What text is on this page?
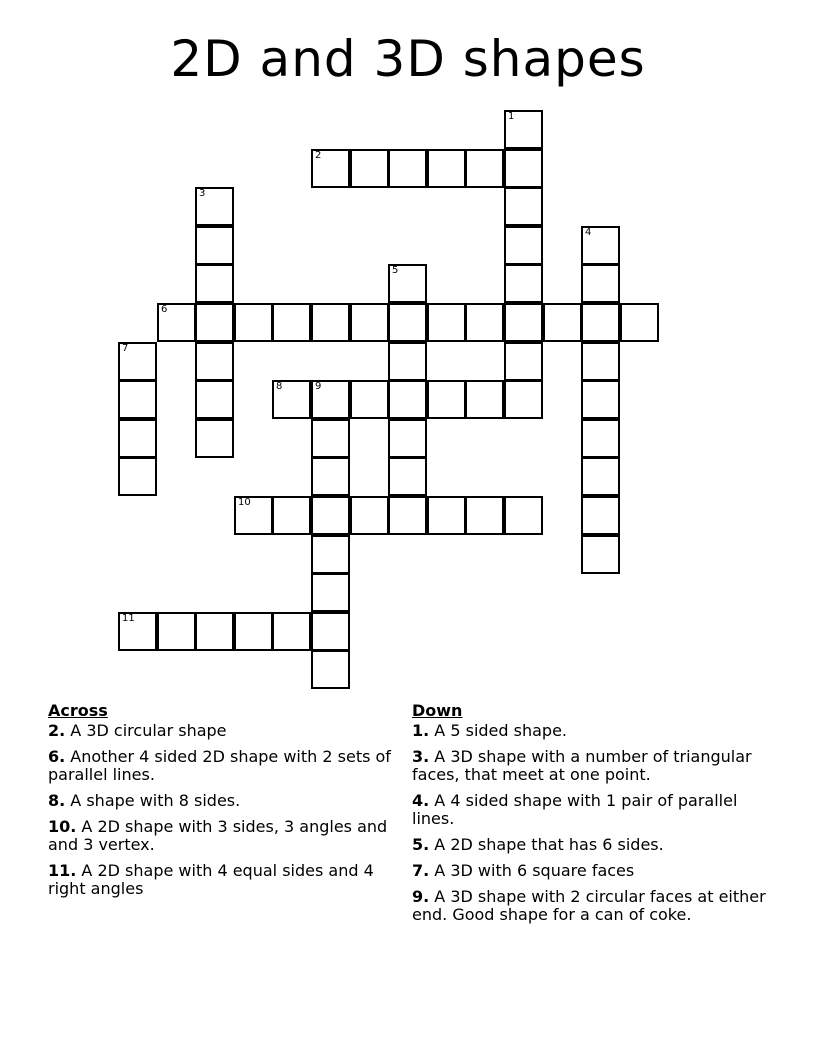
2D and 3D shapes
1
2
3
4
5
6
7
8	9
10
11
Across
2. A 3D circular shape
6. Another 4 sided 2D shape with 2 sets of parallel lines.
8. A shape with 8 sides.
10. A 2D shape with 3 sides, 3 angles and and 3 vertex.
11. A 2D shape with 4 equal sides and 4 right angles
Down
1. A 5 sided shape.
3. A 3D shape with a number of triangular faces, that meet at one point.
4. A 4 sided shape with 1 pair of parallel lines.
5. A 2D shape that has 6 sides.
7. A 3D with 6 square faces
9. A 3D shape with 2 circular faces at either end. Good shape for a can of coke.
